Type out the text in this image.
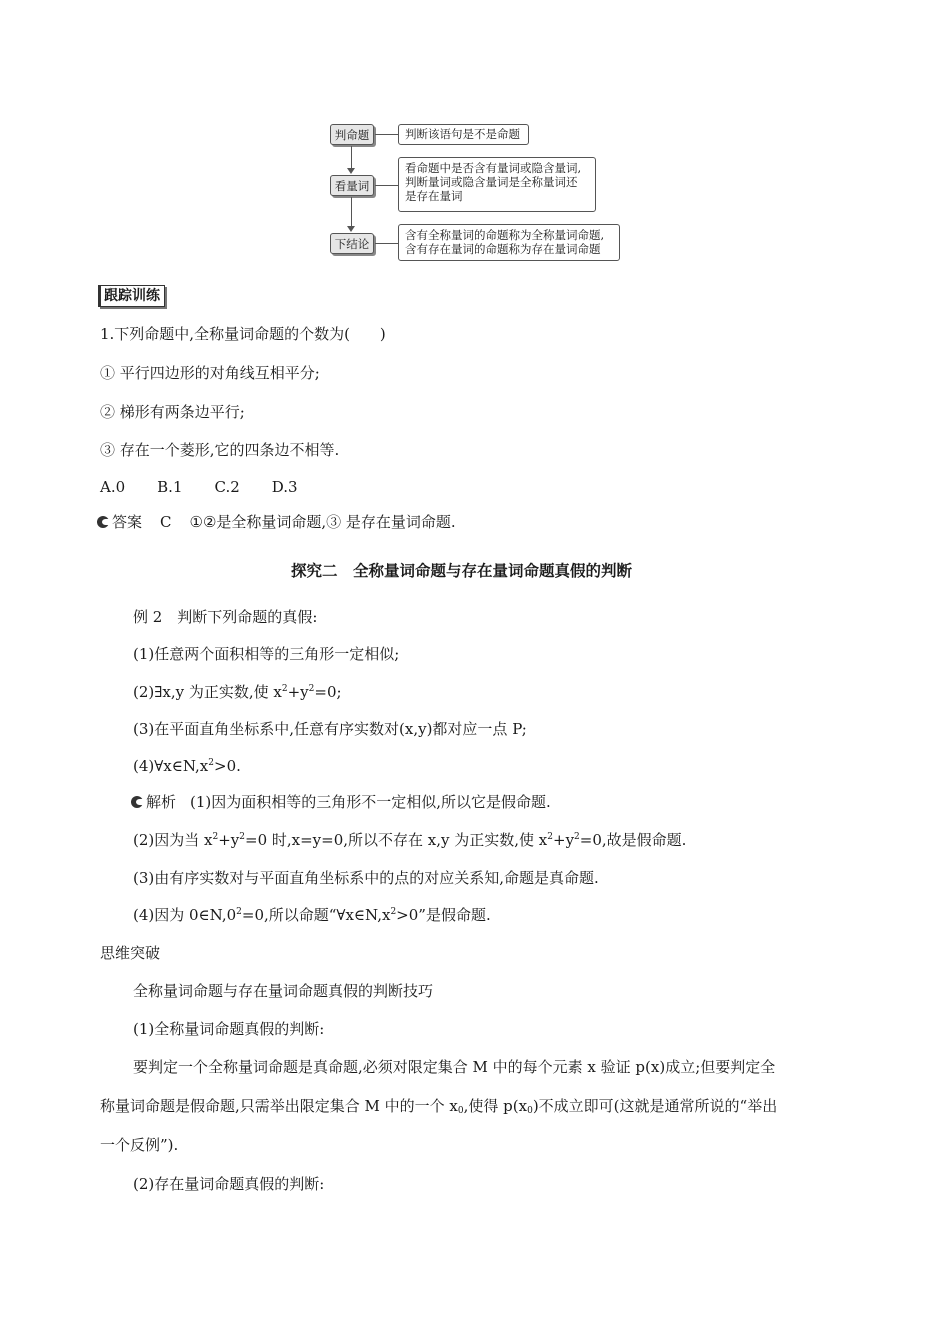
判命题
看量词
下结论
判断该语句是不是命题
看命题中是否含有量词或隐含量词,
判断量词或隐含量词是全称量词还
是存在量词
含有全称量词的命题称为全称量词命题,
含有存在量词的命题称为存在量词命题
跟踪训练
1.下列命题中,全称量词命题的个数为(　　)
① 平行四边形的对角线互相平分;
② 梯形有两条边平行;
③ 存在一个菱形,它的四条边不相等.
A.0 B.1 C.2 D.3
答案 C ①②是全称量词命题,③ 是存在量词命题.
探究二　全称量词命题与存在量词命题真假的判断
例 2　判断下列命题的真假:
(1)任意两个面积相等的三角形一定相似;
(2)∃x,y 为正实数,使 $x^2+y^2=0$;
(3)在平面直角坐标系中,任意有序实数对(x,y)都对应一点 P;
$(4)\forall x\in N,x^2>0$.
解析 (1)因为面积相等的三角形不一定相似,所以它是假命题.
(2)因为当 $x^2+y^2=0$ 时,x=y=0,所以不存在 x,y 为正实数,使 $x^2+y^2=0$,故是假命题.
(3)由有序实数对与平面直角坐标系中的点的对应关系知,命题是真命题.
(4)因为 $0\in N,0^2=0$,所以命题“$\forall x\in N,x^2>0$”是假命题.
思维突破
全称量词命题与存在量词命题真假的判断技巧
(1)全称量词命题真假的判断:
要判定一个全称量词命题是真命题,必须对限定集合 M 中的每个元素 x 验证 p(x)成立;但要判定全
称量词命题是假命题,只需举出限定集合 M 中的一个 $x_0$,使得 $p(x_0)$不成立即可(这就是通常所说的“举出
一个反例”).
(2)存在量词命题真假的判断:
